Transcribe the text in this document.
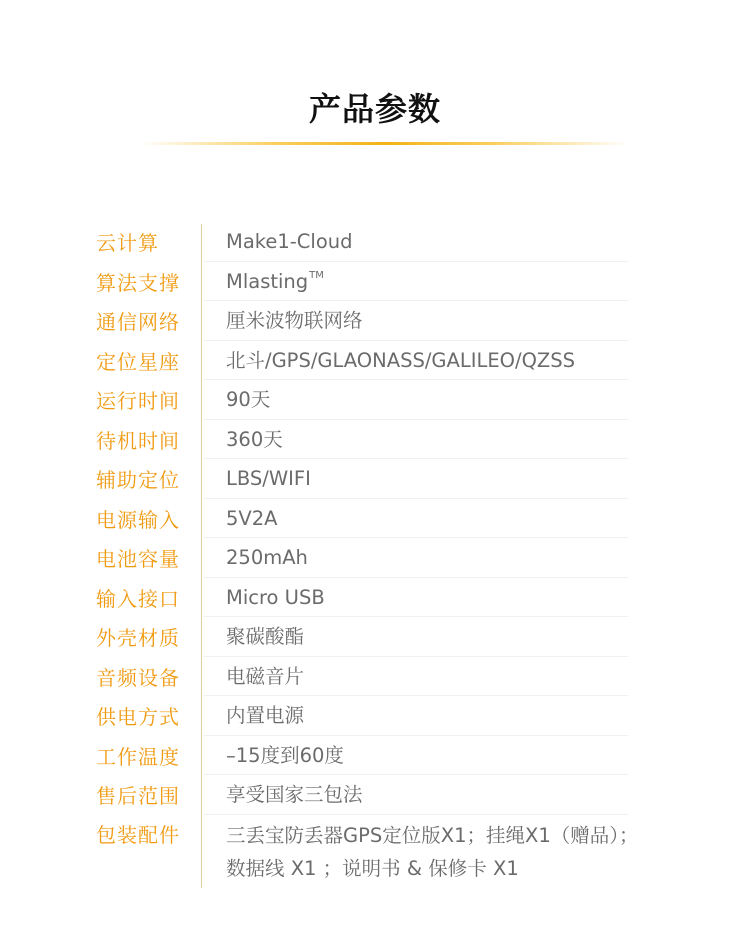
产品参数
云计算	Make1-Cloud
算法支撑	Mlasting™
通信网络	厘米波物联网络
定位星座	北斗/GPS/GLAONASS/GALILEO/QZSS
运行时间	90天
待机时间	360天
辅助定位	LBS/WIFI
电源输入	5V2A
电池容量	250mAh
输入接口	Micro USB
外壳材质	聚碳酸酯
音频设备	电磁音片
供电方式	内置电源
工作温度	–15度到60度
售后范围	享受国家三包法
包装配件	三丢宝防丢器GPS定位版X1；挂绳X1（赠品）；
数据线 X1 ；说明书 & 保修卡 X1
